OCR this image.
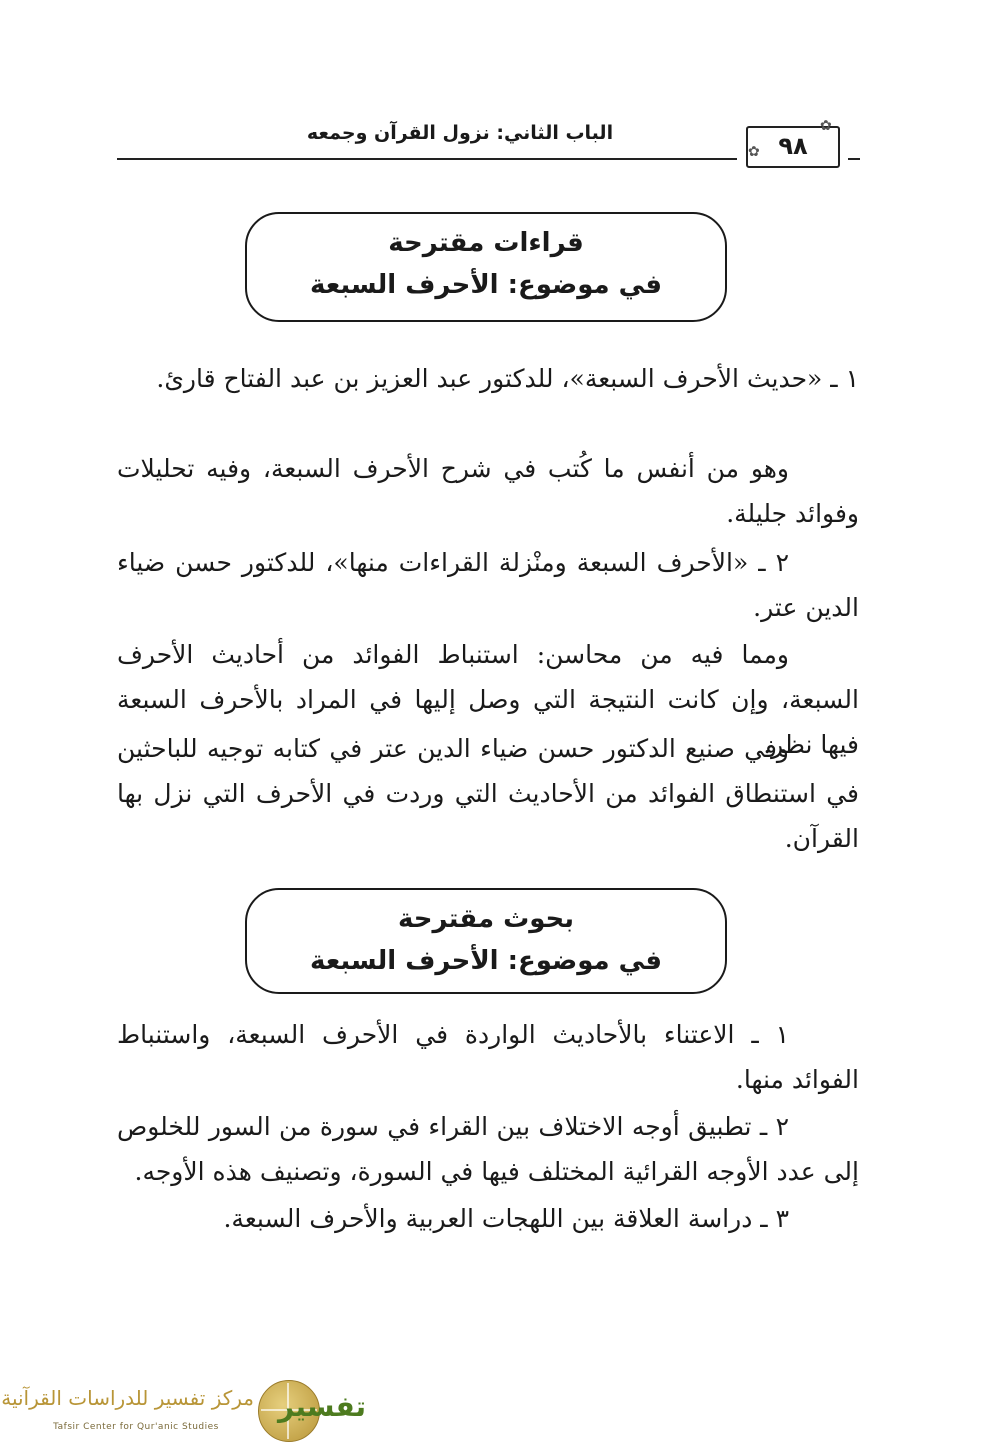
الباب الثاني: نزول القرآن وجمعه	٩٨
✿
✿
قراءات مقترحة
في موضوع: الأحرف السبعة

١ ـ «حديث الأحرف السبعة»، للدكتور عبد العزيز بن عبد الفتاح قارئ.

وهو من أنفس ما كُتب في شرح الأحرف السبعة، وفيه تحليلات وفوائد جليلة.

٢ ـ «الأحرف السبعة ومنْزلة القراءات منها»، للدكتور حسن ضياء الدين عتر.

ومما فيه من محاسن: استنباط الفوائد من أحاديث الأحرف السبعة، وإن كانت النتيجة التي وصل إليها في المراد بالأحرف السبعة فيها نظر.

وفي صنيع الدكتور حسن ضياء الدين عتر في كتابه توجيه للباحثين في استنطاق الفوائد من الأحاديث التي وردت في الأحرف التي نزل بها القرآن.

بحوث مقترحة
في موضوع: الأحرف السبعة

١ ـ الاعتناء بالأحاديث الواردة في الأحرف السبعة، واستنباط الفوائد منها.

٢ ـ تطبيق أوجه الاختلاف بين القراء في سورة من السور للخلوص إلى عدد الأوجه القرائية المختلف فيها في السورة، وتصنيف هذه الأوجه.

٣ ـ دراسة العلاقة بين اللهجات العربية والأحرف السبعة.

تفسير
مركز تفسير للدراسات القرآنية
Tafsir Center for Qur'anic Studies
